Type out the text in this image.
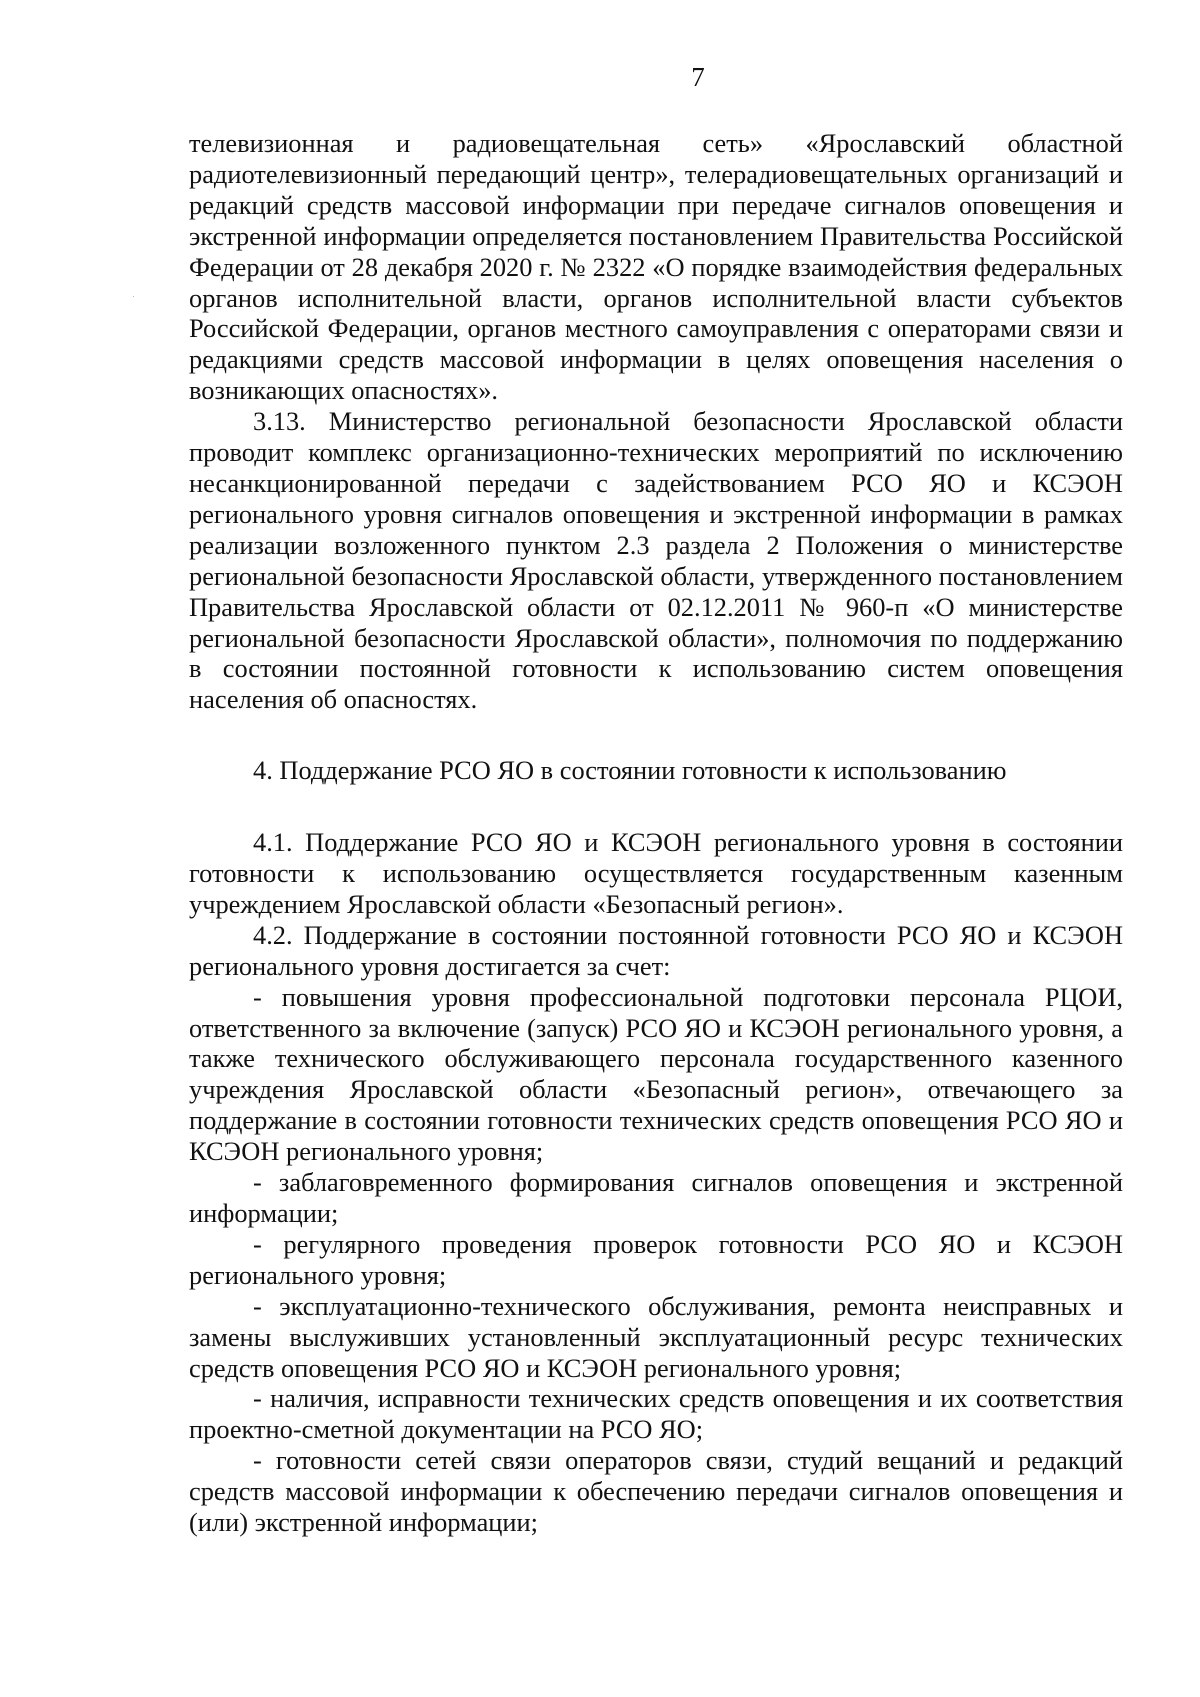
7

телевизионная и радиовещательная сеть» «Ярославский областной радиотелевизионный передающий центр», телерадиовещательных организаций и редакций средств массовой информации при передаче сигналов оповещения и экстренной информации определяется постановлением Правительства Российской Федерации от 28 декабря 2020 г. № 2322 «О порядке взаимодействия федеральных органов исполнительной власти, органов исполнительной власти субъектов Российской Федерации, органов местного самоуправления с операторами связи и редакциями средств массовой информации в целях оповещения населения о возникающих опасностях».

3.13. Министерство региональной безопасности Ярославской области проводит комплекс организационно-технических мероприятий по исключению несанкционированной передачи с задействованием РСО ЯО и КСЭОН регионального уровня сигналов оповещения и экстренной информации в рамках реализации возложенного пунктом 2.3 раздела 2 Положения о министерстве региональной безопасности Ярославской области, утвержденного постановлением Правительства Ярославской области от 02.12.2011 № 960-п «О министерстве региональной безопасности Ярославской области», полномочия по поддержанию в состоянии постоянной готовности к использованию систем оповещения населения об опасностях.

4. Поддержание РСО ЯО в состоянии готовности к использованию

4.1. Поддержание РСО ЯО и КСЭОН регионального уровня в состоянии готовности к использованию осуществляется государственным казенным учреждением Ярославской области «Безопасный регион».

4.2. Поддержание в состоянии постоянной готовности РСО ЯО и КСЭОН регионального уровня достигается за счет:

- повышения уровня профессиональной подготовки персонала РЦОИ, ответственного за включение (запуск) РСО ЯО и КСЭОН регионального уровня, а также технического обслуживающего персонала государственного казенного учреждения Ярославской области «Безопасный регион», отвечающего за поддержание в состоянии готовности технических средств оповещения РСО ЯО и КСЭОН регионального уровня;

- заблаговременного формирования сигналов оповещения и экстренной информации;

- регулярного проведения проверок готовности РСО ЯО и КСЭОН регионального уровня;

- эксплуатационно-технического обслуживания, ремонта неисправных и замены выслуживших установленный эксплуатационный ресурс технических средств оповещения РСО ЯО и КСЭОН регионального уровня;

- наличия, исправности технических средств оповещения и их соответствия проектно-сметной документации на РСО ЯО;

- готовности сетей связи операторов связи, студий вещаний и редакций средств массовой информации к обеспечению передачи сигналов оповещения и (или) экстренной информации;
